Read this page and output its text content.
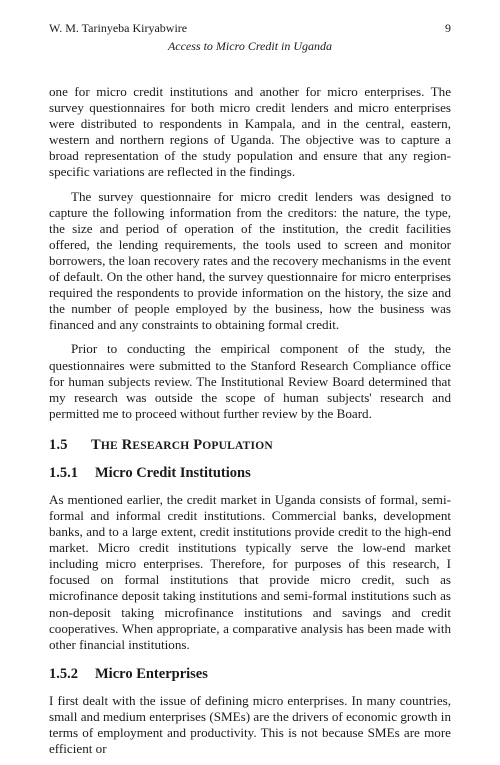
W. M. Tarinyeba Kiryabwire	9
Access to Micro Credit in Uganda

one for micro credit institutions and another for micro enterprises. The survey questionnaires for both micro credit lenders and micro enterprises were distributed to respondents in Kampala, and in the central, eastern, western and northern regions of Uganda. The objective was to capture a broad representation of the study population and ensure that any region- specific variations are reflected in the findings.

The survey questionnaire for micro credit lenders was designed to capture the following information from the creditors: the nature, the type, the size and period of operation of the institution, the credit facilities offered, the lending requirements, the tools used to screen and monitor borrowers, the loan recovery rates and the recovery mechanisms in the event of default. On the other hand, the survey questionnaire for micro enterprises required the respondents to provide information on the history, the size and the number of people employed by the business, how the business was financed and any constraints to obtaining formal credit.

Prior to conducting the empirical component of the study, the questionnaires were submitted to the Stanford Research Compliance office for human subjects review. The Institutional Review Board determined that my research was outside the scope of human subjects' research and permitted me to proceed without further review by the Board.

1.5 THE RESEARCH POPULATION
1.5.1 Micro Credit Institutions

As mentioned earlier, the credit market in Uganda consists of formal, semi-formal and informal credit institutions. Commercial banks, development banks, and to a large extent, credit institutions provide credit to the high-end market. Micro credit institutions typically serve the low-end market including micro enterprises. Therefore, for purposes of this research, I focused on formal institutions that provide micro credit, such as microfinance deposit taking institutions and semi-formal institutions such as non-deposit taking microfinance institutions and savings and credit cooperatives. When appropriate, a comparative analysis has been made with other financial institutions.

1.5.2 Micro Enterprises

I first dealt with the issue of defining micro enterprises. In many countries, small and medium enterprises (SMEs) are the drivers of economic growth in terms of employment and productivity. This is not because SMEs are more efficient or
